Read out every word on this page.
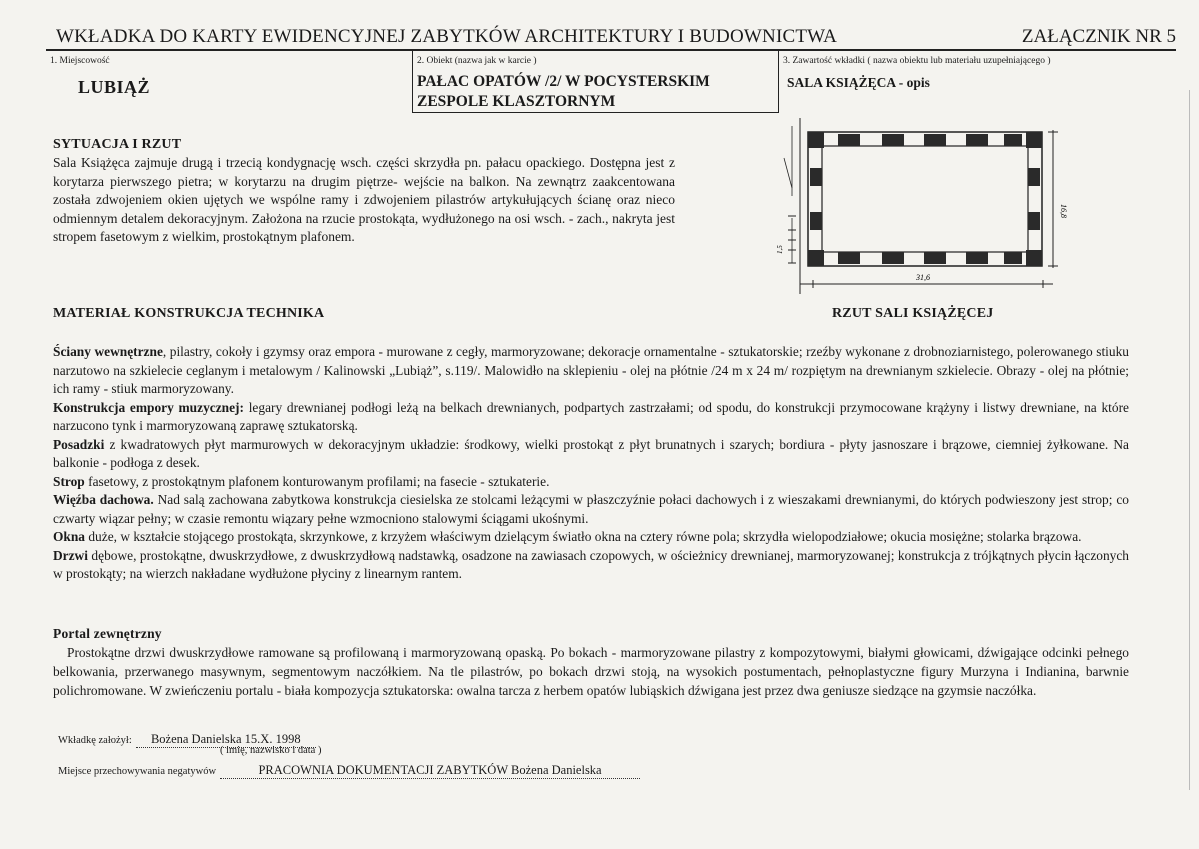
WKŁADKA DO KARTY EWIDENCYJNEJ ZABYTKÓW ARCHITEKTURY I BUDOWNICTWA	ZAŁĄCZNIK NR 5
1. Miejscowość
LUBIĄŻ
2. Obiekt (nazwa jak w karcie )
PAŁAC OPATÓW /2/ W POCYSTERSKIM ZESPOLE KLASZTORNYM
3. Zawartość wkładki ( nazwa obiektu lub materiału uzupełniającego )
SALA KSIĄŻĘCA - opis
SYTUACJA I RZUT
Sala Książęca zajmuje drugą i trzecią kondygnację wsch. części skrzydła pn. pałacu opackiego. Dostępna jest z korytarza pierwszego pietra; w korytarzu na drugim piętrze- wejście na balkon. Na zewnątrz zaakcentowana została zdwojeniem okien ujętych we wspólne ramy i zdwojeniem pilastrów artykułujących ścianę oraz nieco odmiennym detalem dekoracyjnym. Założona na rzucie prostokąta, wydłużonego na osi wsch. - zach., nakryta jest stropem fasetowym z wielkim, prostokątnym plafonem.
31,6
16,8
1,5
RZUT SALI KSIĄŻĘCEJ
MATERIAŁ KONSTRUKCJA TECHNIKA
Ściany wewnętrzne, pilastry, cokoły i gzymsy oraz empora - murowane z cegły, marmoryzowane; dekoracje ornamentalne - sztukatorskie; rzeźby wykonane z drobnoziarnistego, polerowanego stiuku narzutowo na szkielecie ceglanym i metalowym / Kalinowski „Lubiąż”, s.119/. Malowidło na sklepieniu - olej na płótnie /24 m x 24 m/ rozpiętym na drewnianym szkielecie. Obrazy - olej na płótnie; ich ramy - stiuk marmoryzowany.
Konstrukcja empory muzycznej: legary drewnianej podłogi leżą na belkach drewnianych, podpartych zastrzałami; od spodu, do konstrukcji przymocowane krążyny i listwy drewniane, na które narzucono tynk i marmoryzowaną zaprawę sztukatorską.
Posadzki z kwadratowych płyt marmurowych w dekoracyjnym układzie: środkowy, wielki prostokąt z płyt brunatnych i szarych; bordiura - płyty jasnoszare i brązowe, ciemniej żyłkowane. Na balkonie - podłoga z desek.
Strop fasetowy, z prostokątnym plafonem konturowanym profilami; na fasecie - sztukaterie.
Więźba dachowa. Nad salą zachowana zabytkowa konstrukcja ciesielska ze stolcami leżącymi w płaszczyźnie połaci dachowych i z wieszakami drewnianymi, do których podwieszony jest strop; co czwarty wiązar pełny; w czasie remontu wiązary pełne wzmocniono stalowymi ściągami ukośnymi.
Okna duże, w kształcie stojącego prostokąta, skrzynkowe, z krzyżem właściwym dzielącym światło okna na cztery równe pola; skrzydła wielopodziałowe; okucia mosiężne; stolarka brązowa.
Drzwi dębowe, prostokątne, dwuskrzydłowe, z dwuskrzydłową nadstawką, osadzone na zawiasach czopowych, w ościeżnicy drewnianej, marmoryzowanej; konstrukcja z trójkątnych płycin łączonych w prostokąty; na wierzch nakładane wydłużone płyciny z linearnym rantem.
Portal zewnętrzny
Prostokątne drzwi dwuskrzydłowe ramowane są profilowaną i marmoryzowaną opaską. Po bokach - marmoryzowane pilastry z kompozytowymi, białymi głowicami, dźwigające odcinki pełnego belkowania, przerwanego masywnym, segmentowym naczółkiem. Na tle pilastrów, po bokach drzwi stoją, na wysokich postumentach, pełnoplastyczne figury Murzyna i Indianina, barwnie polichromowane. W zwieńczeniu portalu - biała kompozycja sztukatorska: owalna tarcza z herbem opatów lubiąskich dźwigana jest przez dwa geniusze siedzące na gzymsie naczółka.
Wkładkę założył: Bożena Danielska 15.X. 1998
( imię, nazwisko i data )
Miejsce przechowywania negatywów	PRACOWNIA DOKUMENTACJI ZABYTKÓW Bożena Danielska
